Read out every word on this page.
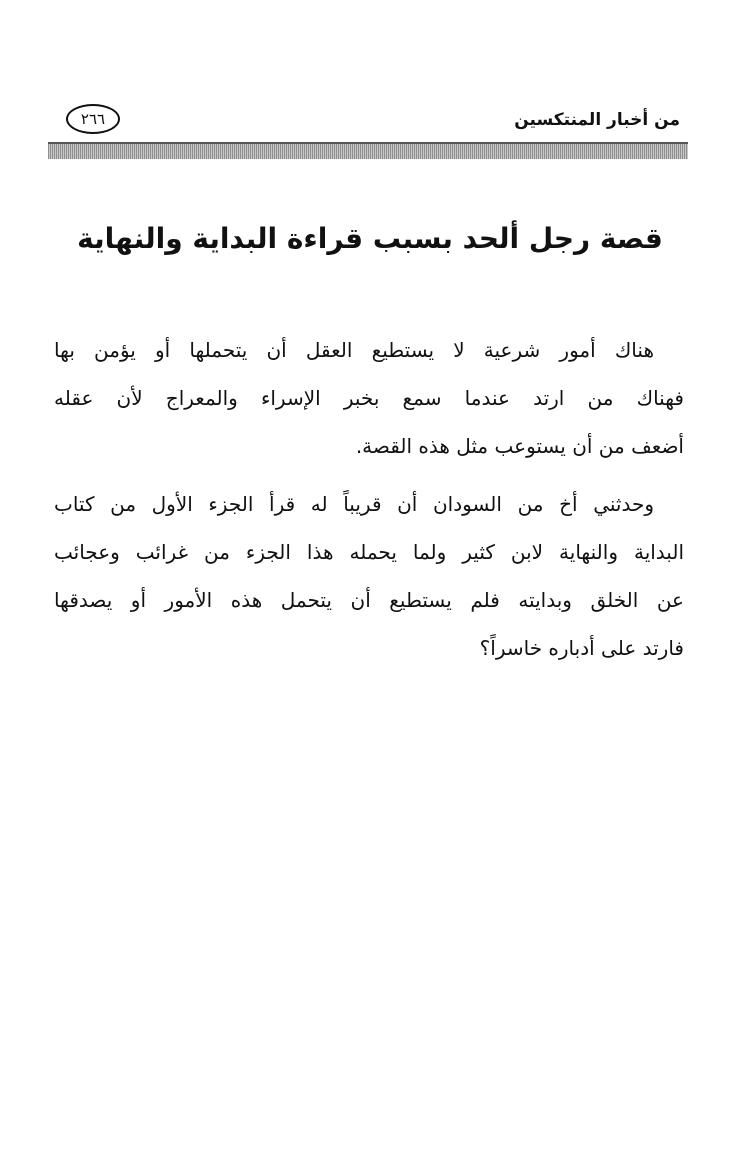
من أخبار المنتكسين
٢٦٦
قصة رجل ألحد بسبب قراءة البداية والنهاية

هناك أمور شرعية لا يستطيع العقل أن يتحملها أو يؤمن بها
فهناك من ارتد عندما سمع بخبر الإسراء والمعراج لأن عقله
أضعف من أن يستوعب مثل هذه القصة.

وحدثني أخ من السودان أن قريباً له قرأ الجزء الأول من كتاب
البداية والنهاية لابن كثير ولما يحمله هذا الجزء من غرائب وعجائب
عن الخلق وبدايته فلم يستطيع أن يتحمل هذه الأمور أو يصدقها
فارتد على أدباره خاسراً؟
